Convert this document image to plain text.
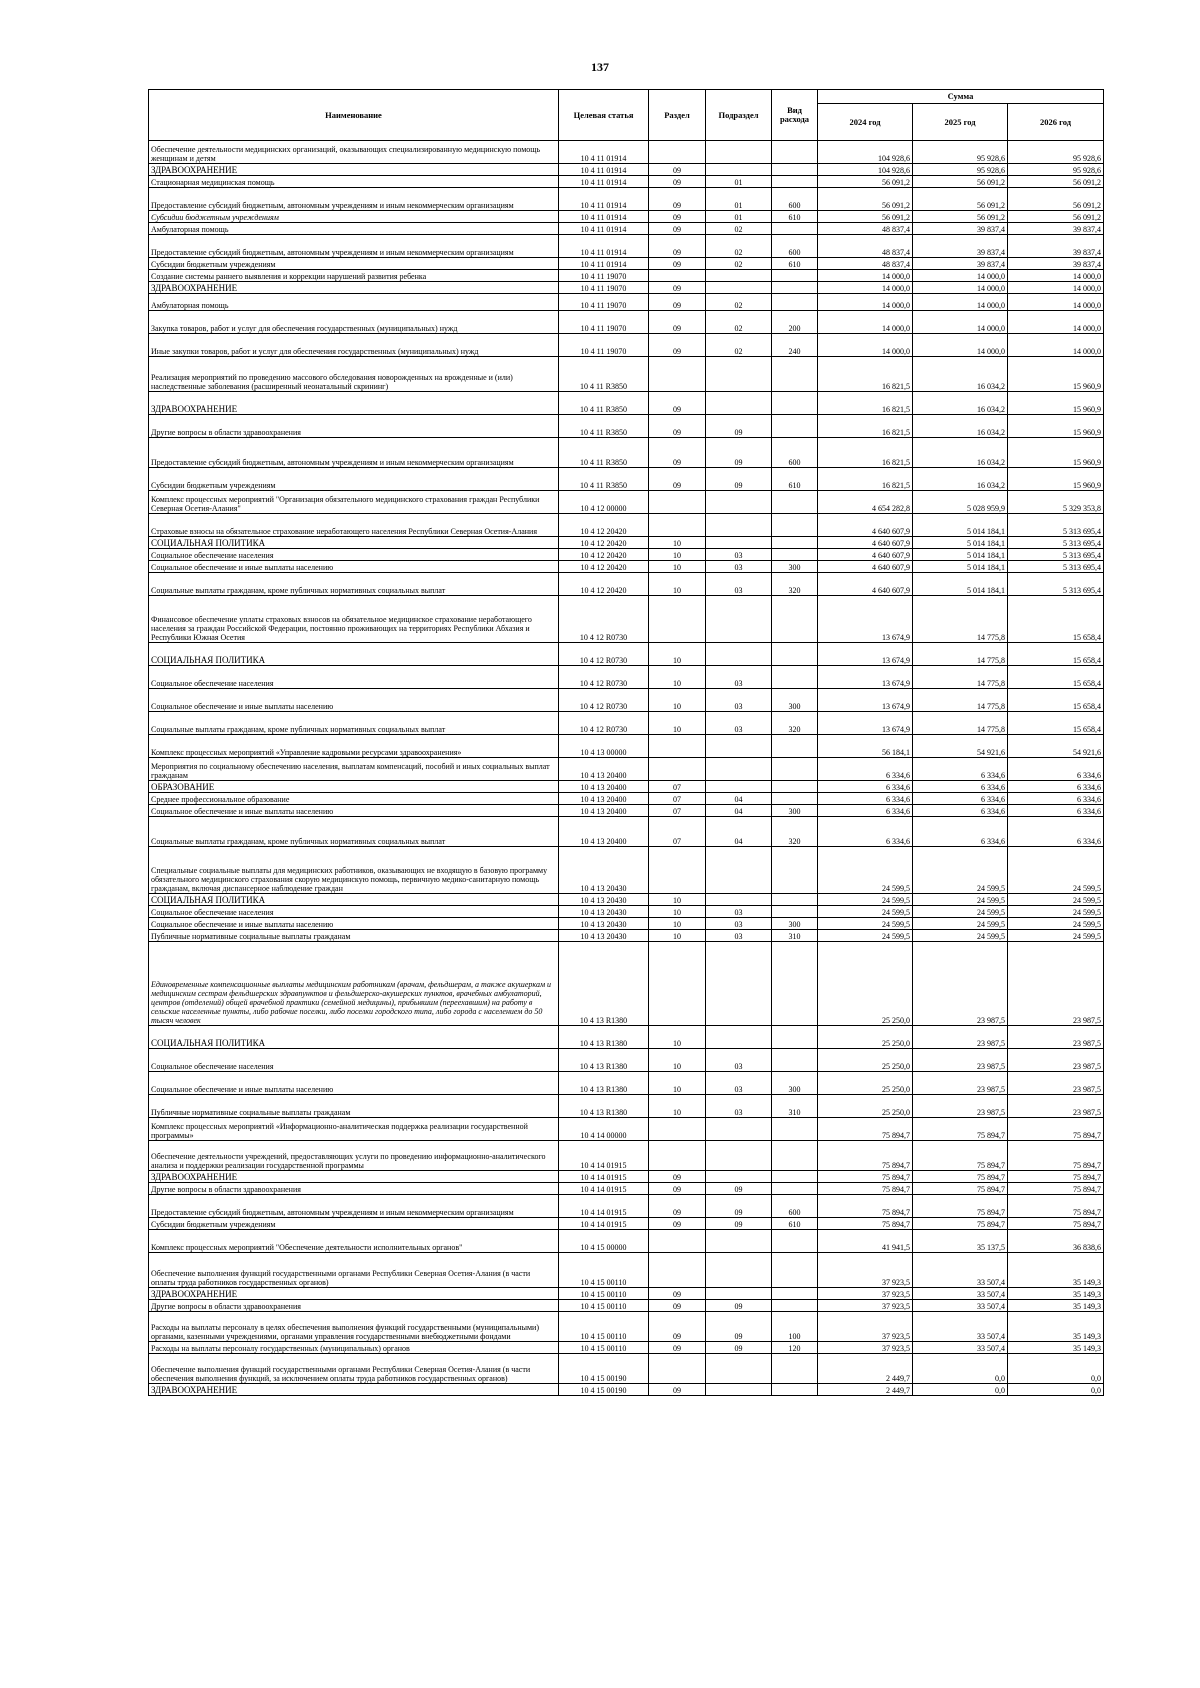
137
Наименование	Целевая статья	Раздел	Подраздел	Вид расхода	Сумма		
					2024 год	2025 год	2026 год
Обеспечение деятельности медицинских организаций, оказывающих специализированную медицинскую помощь женщинам и детям	10 4 11 01914				104 928,6	95 928,6	95 928,6
ЗДРАВООХРАНЕНИЕ	10 4 11 01914	09			104 928,6	95 928,6	95 928,6
Стационарная медицинская помощь	10 4 11 01914	09	01		56 091,2	56 091,2	56 091,2
Предоставление субсидий бюджетным, автономным учреждениям и иным некоммерческим организациям	10 4 11 01914	09	01	600	56 091,2	56 091,2	56 091,2
Субсидии бюджетным учреждениям	10 4 11 01914	09	01	610	56 091,2	56 091,2	56 091,2
Амбулаторная помощь	10 4 11 01914	09	02		48 837,4	39 837,4	39 837,4
Предоставление субсидий бюджетным, автономным учреждениям и иным некоммерческим организациям	10 4 11 01914	09	02	600	48 837,4	39 837,4	39 837,4
Субсидии бюджетным учреждениям	10 4 11 01914	09	02	610	48 837,4	39 837,4	39 837,4
Создание системы раннего выявления и коррекции нарушений развития ребенка	10 4 11 19070				14 000,0	14 000,0	14 000,0
ЗДРАВООХРАНЕНИЕ	10 4 11 19070	09			14 000,0	14 000,0	14 000,0
Амбулаторная помощь	10 4 11 19070	09	02		14 000,0	14 000,0	14 000,0
Закупка товаров, работ и услуг для обеспечения государственных (муниципальных) нужд	10 4 11 19070	09	02	200	14 000,0	14 000,0	14 000,0
Иные закупки товаров, работ и услуг для обеспечения государственных (муниципальных) нужд	10 4 11 19070	09	02	240	14 000,0	14 000,0	14 000,0
Реализация мероприятий по проведению массового обследования новорожденных на врожденные и (или) наследственные заболевания (расширенный неонатальный скрининг)	10 4 11 R3850				16 821,5	16 034,2	15 960,9
ЗДРАВООХРАНЕНИЕ	10 4 11 R3850	09			16 821,5	16 034,2	15 960,9
Другие вопросы в области здравоохранения	10 4 11 R3850	09	09		16 821,5	16 034,2	15 960,9
Предоставление субсидий бюджетным, автономным учреждениям и иным некоммерческим организациям	10 4 11 R3850	09	09	600	16 821,5	16 034,2	15 960,9
Субсидии бюджетным учреждениям	10 4 11 R3850	09	09	610	16 821,5	16 034,2	15 960,9
Комплекс процессных мероприятий "Организация обязательного медицинского страхования граждан Республики Северная Осетия-Алания"	10 4 12 00000				4 654 282,8	5 028 959,9	5 329 353,8
Страховые взносы на обязательное страхование неработающего населения Республики Северная Осетия-Алания	10 4 12 20420				4 640 607,9	5 014 184,1	5 313 695,4
СОЦИАЛЬНАЯ ПОЛИТИКА	10 4 12 20420	10			4 640 607,9	5 014 184,1	5 313 695,4
Социальное обеспечение населения	10 4 12 20420	10	03		4 640 607,9	5 014 184,1	5 313 695,4
Социальное обеспечение и иные выплаты населению	10 4 12 20420	10	03	300	4 640 607,9	5 014 184,1	5 313 695,4
Социальные выплаты гражданам, кроме публичных нормативных социальных выплат	10 4 12 20420	10	03	320	4 640 607,9	5 014 184,1	5 313 695,4
Финансовое обеспечение уплаты страховых взносов на обязательное медицинское страхование неработающего населения за граждан Российской Федерации, постоянно проживающих на территориях Республики Абхазия и Республики Южная Осетия	10 4 12 R0730				13 674,9	14 775,8	15 658,4
СОЦИАЛЬНАЯ ПОЛИТИКА	10 4 12 R0730	10			13 674,9	14 775,8	15 658,4
Социальное обеспечение населения	10 4 12 R0730	10	03		13 674,9	14 775,8	15 658,4
Социальное обеспечение и иные выплаты населению	10 4 12 R0730	10	03	300	13 674,9	14 775,8	15 658,4
Социальные выплаты гражданам, кроме публичных нормативных социальных выплат	10 4 12 R0730	10	03	320	13 674,9	14 775,8	15 658,4
Комплекс процессных мероприятий «Управление кадровыми ресурсами здравоохранения»	10 4 13 00000				56 184,1	54 921,6	54 921,6
Мероприятия по социальному обеспечению населения, выплатам компенсаций, пособий и иных социальных выплат гражданам	10 4 13 20400				6 334,6	6 334,6	6 334,6
ОБРАЗОВАНИЕ	10 4 13 20400	07			6 334,6	6 334,6	6 334,6
Среднее профессиональное образование	10 4 13 20400	07	04		6 334,6	6 334,6	6 334,6
Социальное обеспечение и иные выплаты населению	10 4 13 20400	07	04	300	6 334,6	6 334,6	6 334,6
Социальные выплаты гражданам, кроме публичных нормативных социальных выплат	10 4 13 20400	07	04	320	6 334,6	6 334,6	6 334,6
Специальные социальные выплаты для медицинских работников, оказывающих не входящую в базовую программу обязательного медицинского страхования скорую медицинскую помощь, первичную медико-санитарную помощь гражданам, включая диспансерное наблюдение граждан	10 4 13 20430				24 599,5	24 599,5	24 599,5
СОЦИАЛЬНАЯ ПОЛИТИКА	10 4 13 20430	10			24 599,5	24 599,5	24 599,5
Социальное обеспечение населения	10 4 13 20430	10	03		24 599,5	24 599,5	24 599,5
Социальное обеспечение и иные выплаты населению	10 4 13 20430	10	03	300	24 599,5	24 599,5	24 599,5
Публичные нормативные социальные выплаты гражданам	10 4 13 20430	10	03	310	24 599,5	24 599,5	24 599,5
Единовременные компенсационные выплаты медицинским работникам (врачам, фельдшерам, а также акушеркам и медицинским сестрам фельдшерских здравпунктов и фельдшерско-акушерских пунктов, врачебных амбулаторий, центров (отделений) общей врачебной практики (семейной медицины), прибывшим (переехавшим) на работу в сельские населенные пункты, либо рабочие поселки, либо поселки городского типа, либо города с населением до 50 тысяч человек	10 4 13 R1380				25 250,0	23 987,5	23 987,5
СОЦИАЛЬНАЯ ПОЛИТИКА	10 4 13 R1380	10			25 250,0	23 987,5	23 987,5
Социальное обеспечение населения	10 4 13 R1380	10	03		25 250,0	23 987,5	23 987,5
Социальное обеспечение и иные выплаты населению	10 4 13 R1380	10	03	300	25 250,0	23 987,5	23 987,5
Публичные нормативные социальные выплаты гражданам	10 4 13 R1380	10	03	310	25 250,0	23 987,5	23 987,5
Комплекс процессных мероприятий «Информационно-аналитическая поддержка реализации государственной программы»	10 4 14 00000				75 894,7	75 894,7	75 894,7
Обеспечение деятельности учреждений, предоставляющих услуги по проведению информационно-аналитического анализа и поддержки реализации государственной программы	10 4 14 01915				75 894,7	75 894,7	75 894,7
ЗДРАВООХРАНЕНИЕ	10 4 14 01915	09			75 894,7	75 894,7	75 894,7
Другие вопросы в области здравоохранения	10 4 14 01915	09	09		75 894,7	75 894,7	75 894,7
Предоставление субсидий бюджетным, автономным учреждениям и иным некоммерческим организациям	10 4 14 01915	09	09	600	75 894,7	75 894,7	75 894,7
Субсидии бюджетным учреждениям	10 4 14 01915	09	09	610	75 894,7	75 894,7	75 894,7
Комплекс процессных мероприятий "Обеспечение деятельности исполнительных органов"	10 4 15 00000				41 941,5	35 137,5	36 838,6
Обеспечение выполнения функций государственными органами Республики Северная Осетия-Алания (в части оплаты труда работников государственных органов)	10 4 15 00110				37 923,5	33 507,4	35 149,3
ЗДРАВООХРАНЕНИЕ	10 4 15 00110	09			37 923,5	33 507,4	35 149,3
Другие вопросы в области здравоохранения	10 4 15 00110	09	09		37 923,5	33 507,4	35 149,3
Расходы на выплаты персоналу в целях обеспечения выполнения функций государственными (муниципальными) органами, казенными учреждениями, органами управления государственными внебюджетными фондами	10 4 15 00110	09	09	100	37 923,5	33 507,4	35 149,3
Расходы на выплаты персоналу государственных (муниципальных) органов	10 4 15 00110	09	09	120	37 923,5	33 507,4	35 149,3
Обеспечение выполнения функций государственными органами Республики Северная Осетия-Алания (в части обеспечения выполнения функций, за исключением оплаты труда работников государственных органов)	10 4 15 00190				2 449,7	0,0	0,0
ЗДРАВООХРАНЕНИЕ	10 4 15 00190	09			2 449,7	0,0	0,0
